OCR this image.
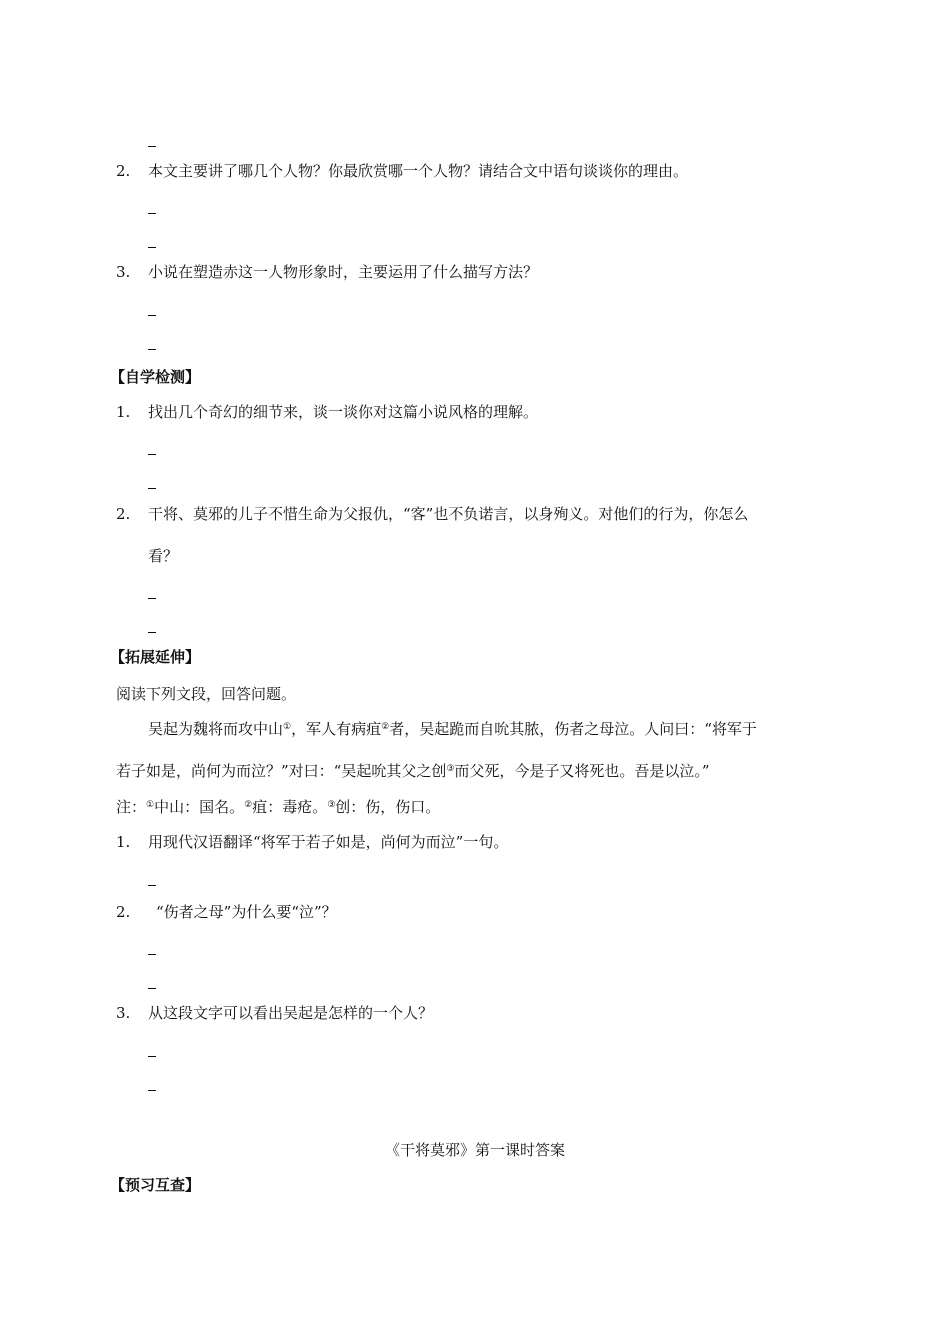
2. 本文主要讲了哪几个人物？你最欣赏哪一个人物？请结合文中语句谈谈你的理由。
3. 小说在塑造赤这一人物形象时，主要运用了什么描写方法？
【自学检测】
1. 找出几个奇幻的细节来，谈一谈你对这篇小说风格的理解。
2. 干将、莫邪的儿子不惜生命为父报仇，“客”也不负诺言，以身殉义。对他们的行为，你怎么
看？
【拓展延伸】
阅读下列文段，回答问题。
吴起为魏将而攻中山①，军人有病疽②者，吴起跪而自吮其脓，伤者之母泣。人问曰：“将军于
若子如是，尚何为而泣？”对曰：“吴起吮其父之创③而父死，今是子又将死也。吾是以泣。”
注：①中山：国名。②疽：毒疮。③创：伤，伤口。
1. 用现代汉语翻译“将军于若子如是，尚何为而泣”一句。
2. “伤者之母”为什么要“泣”？
3. 从这段文字可以看出吴起是怎样的一个人？
《干将莫邪》第一课时答案
【预习互查】
